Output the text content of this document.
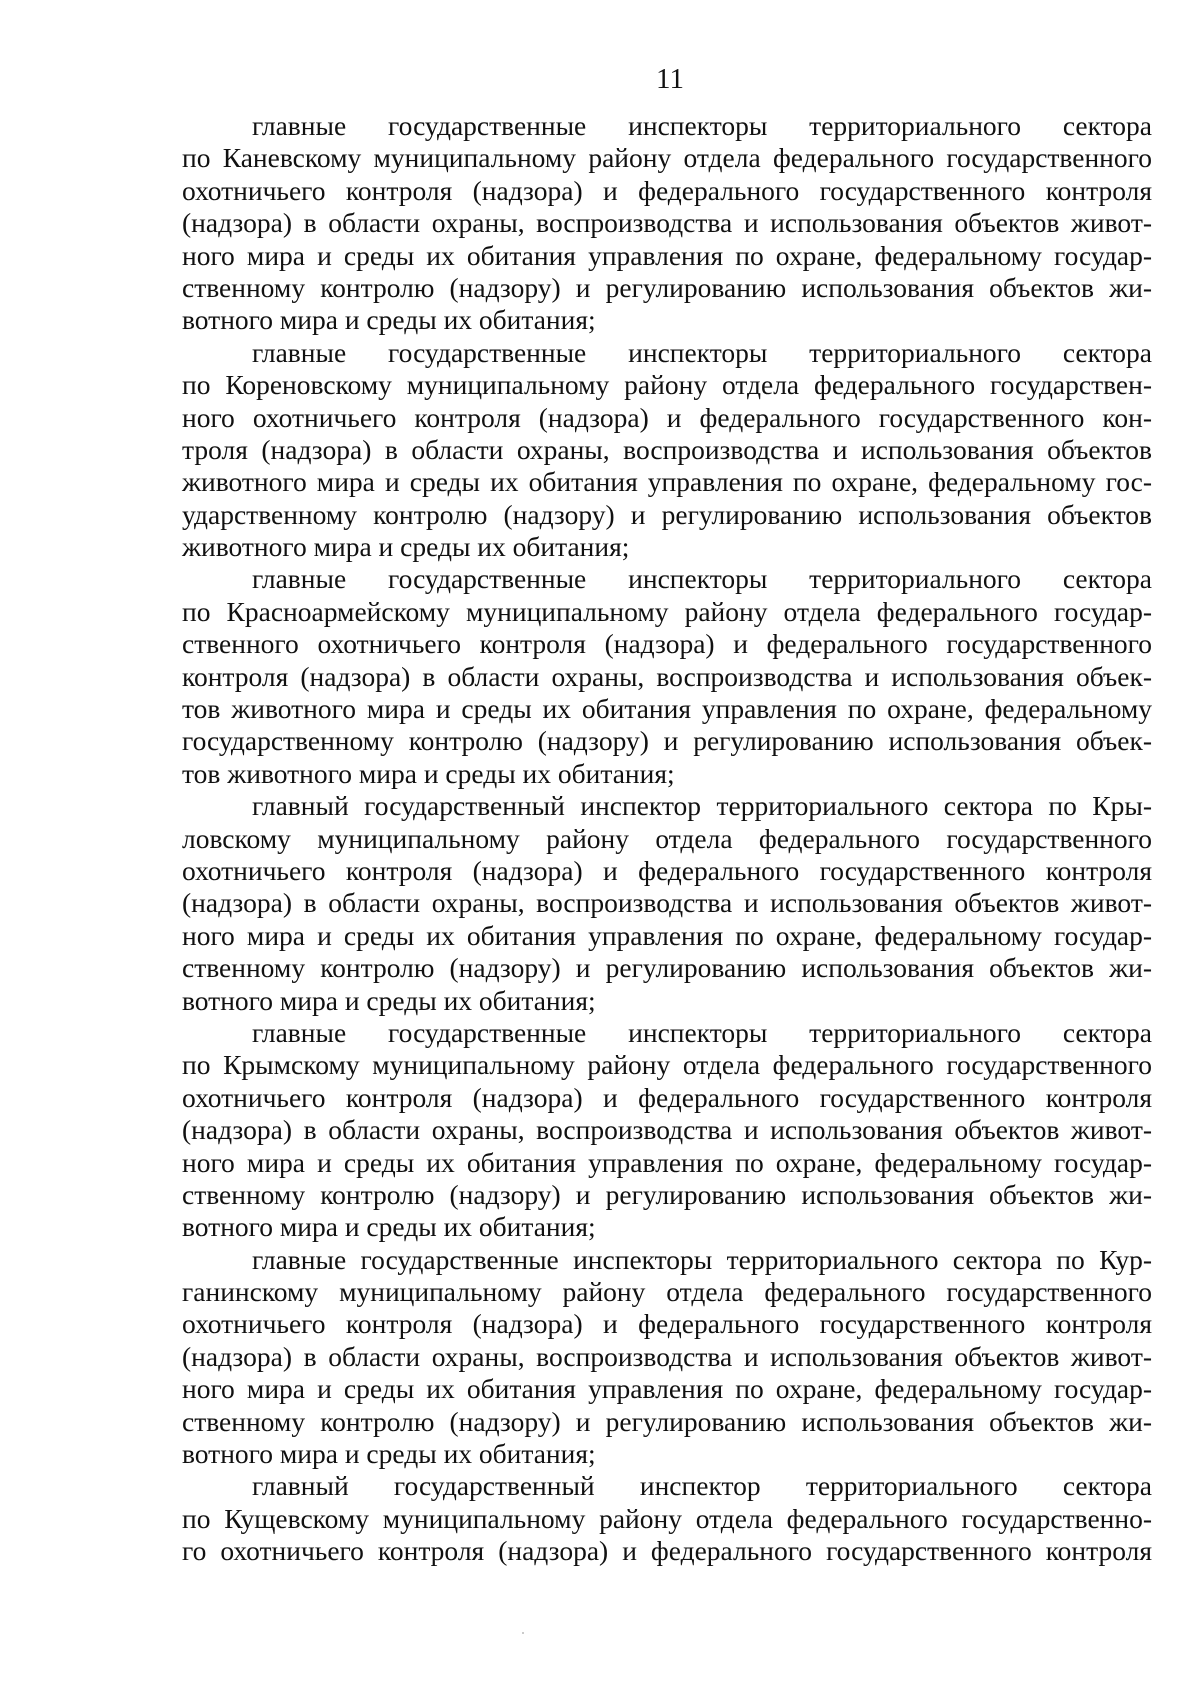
11
главные государственные инспекторы территориального сектора
по Каневскому муниципальному району отдела федерального государственного
охотничьего контроля (надзора) и федерального государственного контроля
(надзора) в области охраны, воспроизводства и использования объектов живот-
ного мира и среды их обитания управления по охране, федеральному государ-
ственному контролю (надзору) и регулированию использования объектов жи-
вотного мира и среды их обитания;
главные государственные инспекторы территориального сектора
по Кореновскому муниципальному району отдела федерального государствен-
ного охотничьего контроля (надзора) и федерального государственного кон-
троля (надзора) в области охраны, воспроизводства и использования объектов
животного мира и среды их обитания управления по охране, федеральному гос-
ударственному контролю (надзору) и регулированию использования объектов
животного мира и среды их обитания;
главные государственные инспекторы территориального сектора
по Красноармейскому муниципальному району отдела федерального государ-
ственного охотничьего контроля (надзора) и федерального государственного
контроля (надзора) в области охраны, воспроизводства и использования объек-
тов животного мира и среды их обитания управления по охране, федеральному
государственному контролю (надзору) и регулированию использования объек-
тов животного мира и среды их обитания;
главный государственный инспектор территориального сектора по Кры-
ловскому муниципальному району отдела федерального государственного
охотничьего контроля (надзора) и федерального государственного контроля
(надзора) в области охраны, воспроизводства и использования объектов живот-
ного мира и среды их обитания управления по охране, федеральному государ-
ственному контролю (надзору) и регулированию использования объектов жи-
вотного мира и среды их обитания;
главные государственные инспекторы территориального сектора
по Крымскому муниципальному району отдела федерального государственного
охотничьего контроля (надзора) и федерального государственного контроля
(надзора) в области охраны, воспроизводства и использования объектов живот-
ного мира и среды их обитания управления по охране, федеральному государ-
ственному контролю (надзору) и регулированию использования объектов жи-
вотного мира и среды их обитания;
главные государственные инспекторы территориального сектора по Кур-
ганинскому муниципальному району отдела федерального государственного
охотничьего контроля (надзора) и федерального государственного контроля
(надзора) в области охраны, воспроизводства и использования объектов живот-
ного мира и среды их обитания управления по охране, федеральному государ-
ственному контролю (надзору) и регулированию использования объектов жи-
вотного мира и среды их обитания;
главный государственный инспектор территориального сектора
по Кущевскому муниципальному району отдела федерального государственно-
го охотничьего контроля (надзора) и федерального государственного контроля
